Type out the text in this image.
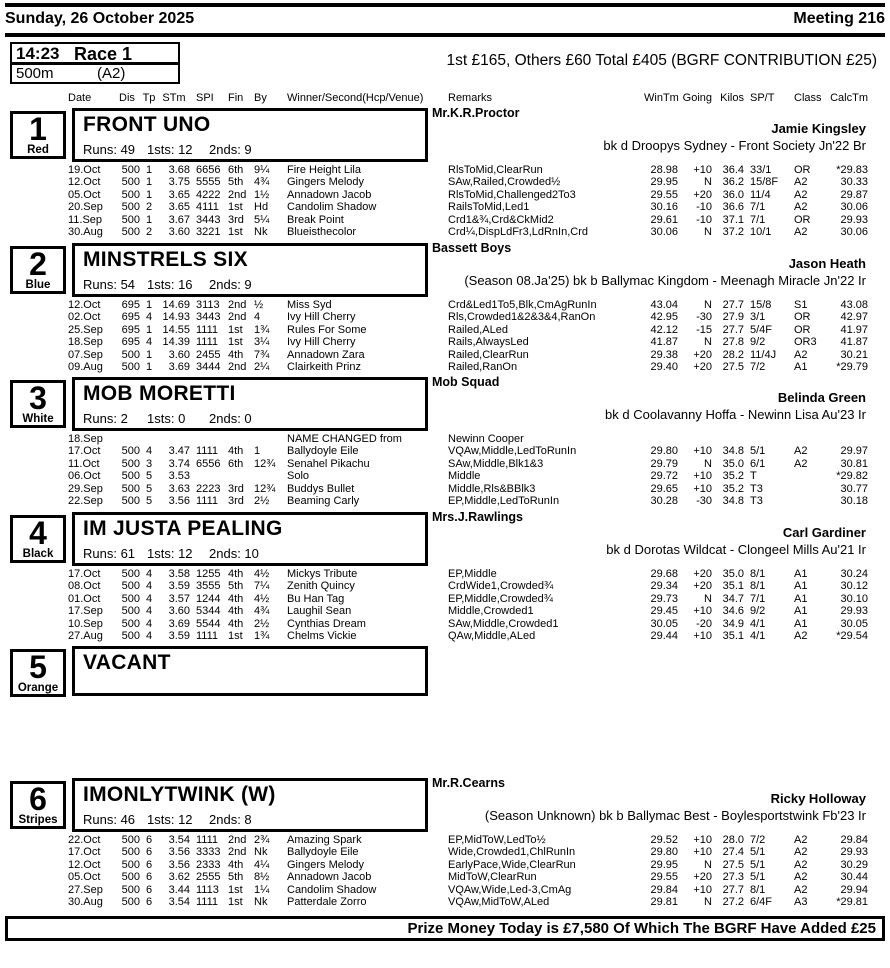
Sunday, 26 October 2025	Meeting 216
14:23 Race 1
500m	(A2)
1st £165, Others £60 Total £405 (BGRF CONTRIBUTION £25)
Date	Dis Tp STm SPI	Fin By	Winner/Second(Hcp/Venue)	Remarks	WinTm Going Kilos SP/T	Class CalcTm
1
Red
FRONT UNO
Runs: 49 1sts: 12 2nds: 9
Mr.K.R.Proctor
Jamie Kingsley
bk d Droopys Sydney - Front Society Jn'22 Br
19.Oct	500 1	3.68 6656 6th 9¼	Fire Height Lila	RlsToMid,ClearRun	28.98	+10 36.4 33/1	OR	*29.83
12.Oct	500 1	3.75 5555 5th 4¾	Gingers Melody	SAw,Railed,Crowded½	29.95	N 36.2 15/8F	A2	30.33
05.Oct	500 1	3.65 4222 2nd 1½	Annadown Jacob	RlsToMid,Challenged2To3	29.55	+20 36.0 11/4	A2	29.87
20.Sep	500 2	3.65 4111 1st	Hd	Candolim Shadow	RailsToMid,Led1	30.16	-10 36.6 7/1	A2	30.06
11.Sep	500 1	3.67 3443 3rd 5¼	Break Point	Crd1&¾,Crd&CkMid2	29.61	-10 37.1 7/1	OR	29.93
30.Aug	500 2	3.60 3221 1st	Nk	Blueisthecolor	Crd¼,DispLdFr3,LdRnIn,Crd	30.06	N 37.2 10/1	A2	30.06
2
Blue
MINSTRELS SIX
Runs: 54 1sts: 16 2nds: 9
Bassett Boys
Jason Heath
(Season 08.Ja'25) bk b Ballymac Kingdom - Meenagh Miracle Jn'22 Ir
12.Oct	695 1 14.69 3113 2nd ½	Miss Syd	Crd&Led1To5,Blk,CmAgRunIn	43.04	N 27.7 15/8	S1	43.08
02.Oct	695 4 14.93 3443 2nd 4	Ivy Hill Cherry	Rls,Crowded1&2&3&4,RanOn	42.95	-30 27.9 3/1	OR	42.97
25.Sep	695 1 14.55 1111 1st	1¾	Rules For Some	Railed,ALed	42.12	-15 27.7 5/4F	OR	41.97
18.Sep	695 4 14.39 1111 1st	3¼	Ivy Hill Cherry	Rails,AlwaysLed	41.87	N 27.8 9/2	OR3	41.87
07.Sep	500 1	3.60 2455 4th 7¾	Annadown Zara	Railed,ClearRun	29.38	+20 28.2 11/4J	A2	30.21
09.Aug	500 1	3.69 3444 2nd 2¼	Clairkeith Prinz	Railed,RanOn	29.40	+20 27.5 7/2	A1	*29.79
3
White
MOB MORETTI
Runs: 2 1sts: 0 2nds: 0
Mob Squad
Belinda Green
bk d Coolavanny Hoffa - Newinn Lisa Au'23 Ir
18.Sep	NAME CHANGED from	Newinn Cooper
17.Oct	500 4	3.47 1111 4th 1	Ballydoyle Eile	VQAw,Middle,LedToRunIn	29.80	+10 34.8 5/1	A2	29.97
11.Oct	500 3	3.74 6556 6th 12¾	Senahel Pikachu	SAw,Middle,Blk1&3	29.79	N 35.0 6/1	A2	30.81
06.Oct	500 5	3.53	Solo	Middle	29.72	+10 35.2 T	*29.82
29.Sep	500 5	3.63 2223 3rd 12¾	Buddys Bullet	Middle,Rls&BBlk3	29.65	+10 35.2 T3	30.77
22.Sep	500 5	3.56 1111 3rd 2½	Beaming Carly	EP,Middle,LedToRunIn	30.28	-30 34.8 T3	30.18
4
Black
IM JUSTA PEALING
Runs: 61 1sts: 12 2nds: 10
Mrs.J.Rawlings
Carl Gardiner
bk d Dorotas Wildcat - Clongeel Mills Au'21 Ir
17.Oct	500 4	3.58 1255 4th 4½	Mickys Tribute	EP,Middle	29.68	+20 35.0 8/1	A1	30.24
08.Oct	500 4	3.59 3555 5th 7¼	Zenith Quincy	CrdWide1,Crowded¾	29.34	+20 35.1 8/1	A1	30.12
01.Oct	500 4	3.57 1244 4th 4½	Bu Han Tag	EP,Middle,Crowded¾	29.73	N 34.7 7/1	A1	30.10
17.Sep	500 4	3.60 5344 4th 4¾	Laughil Sean	Middle,Crowded1	29.45	+10 34.6 9/2	A1	29.93
10.Sep	500 4	3.69 5544 4th 2½	Cynthias Dream	SAw,Middle,Crowded1	30.05	-20 34.9 4/1	A1	30.05
27.Aug	500 4	3.59 1111 1st	1¾	Chelms Vickie	QAw,Middle,ALed	29.44	+10 35.1 4/1	A2	*29.54
5
Orange
VACANT
6
Stripes
IMONLYTWINK (W)
Runs: 46 1sts: 12 2nds: 8
Mr.R.Cearns
Ricky Holloway
(Season Unknown) bk b Ballymac Best - Boylesportstwink Fb'23 Ir
22.Oct	500 6	3.54 1111 2nd 2¾	Amazing Spark	EP,MidToW,LedTo½	29.52	+10 28.0 7/2	A2	29.84
17.Oct	500 6	3.56 3333 2nd Nk	Ballydoyle Eile	Wide,Crowded1,ChlRunIn	29.80	+10 27.4 5/1	A2	29.93
12.Oct	500 6	3.56 2333 4th 4¼	Gingers Melody	EarlyPace,Wide,ClearRun	29.95	N 27.5 5/1	A2	30.29
05.Oct	500 6	3.62 2555 5th 8½	Annadown Jacob	MidToW,ClearRun	29.55	+20 27.3 5/1	A2	30.44
27.Sep	500 6	3.44 1113 1st	1¼	Candolim Shadow	VQAw,Wide,Led-3,CmAg	29.84	+10 27.7 8/1	A2	29.94
30.Aug	500 6	3.54 1111 1st	Nk	Patterdale Zorro	VQAw,MidToW,ALed	29.81	N 27.2 6/4F	A3	*29.81
Prize Money Today is £7,580 Of Which The BGRF Have Added £25
